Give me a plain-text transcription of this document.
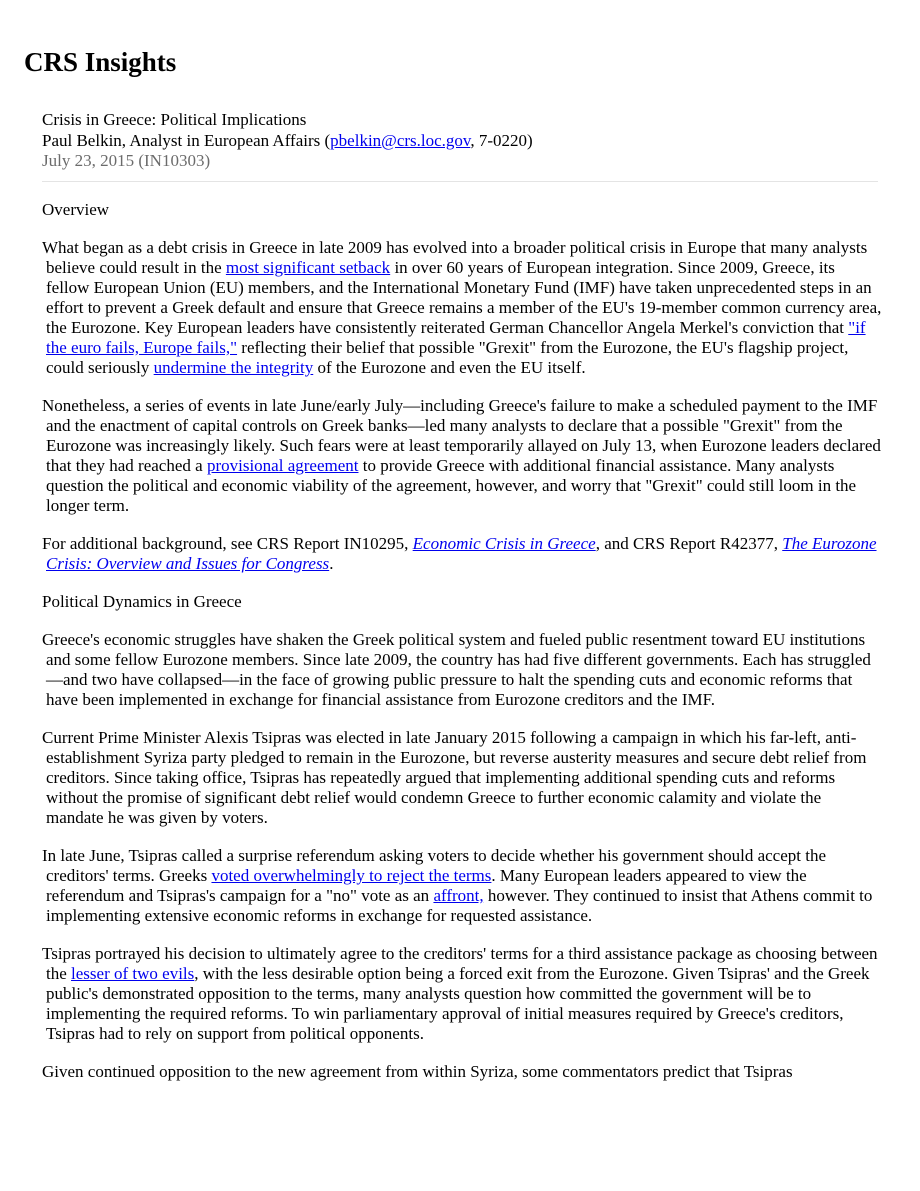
CRS Insights
Crisis in Greece: Political Implications
Paul Belkin, Analyst in European Affairs (pbelkin@crs.loc.gov, 7-0220)
July 23, 2015 (IN10303)

Overview

What began as a debt crisis in Greece in late 2009 has evolved into a broader political crisis in Europe that many analysts believe could result in the most significant setback in over 60 years of European integration. Since 2009, Greece, its fellow European Union (EU) members, and the International Monetary Fund (IMF) have taken unprecedented steps in an effort to prevent a Greek default and ensure that Greece remains a member of the EU's 19-member common currency area, the Eurozone. Key European leaders have consistently reiterated German Chancellor Angela Merkel's conviction that "if the euro fails, Europe fails," reflecting their belief that possible "Grexit" from the Eurozone, the EU's flagship project, could seriously undermine the integrity of the Eurozone and even the EU itself.

Nonetheless, a series of events in late June/early July—including Greece's failure to make a scheduled payment to the IMF and the enactment of capital controls on Greek banks—led many analysts to declare that a possible "Grexit" from the Eurozone was increasingly likely. Such fears were at least temporarily allayed on July 13, when Eurozone leaders declared that they had reached a provisional agreement to provide Greece with additional financial assistance. Many analysts question the political and economic viability of the agreement, however, and worry that "Grexit" could still loom in the longer term.

For additional background, see CRS Report IN10295, Economic Crisis in Greece, and CRS Report R42377, The Eurozone Crisis: Overview and Issues for Congress.

Political Dynamics in Greece

Greece's economic struggles have shaken the Greek political system and fueled public resentment toward EU institutions and some fellow Eurozone members. Since late 2009, the country has had five different governments. Each has struggled—and two have collapsed—in the face of growing public pressure to halt the spending cuts and economic reforms that have been implemented in exchange for financial assistance from Eurozone creditors and the IMF.

Current Prime Minister Alexis Tsipras was elected in late January 2015 following a campaign in which his far-left, anti-establishment Syriza party pledged to remain in the Eurozone, but reverse austerity measures and secure debt relief from creditors. Since taking office, Tsipras has repeatedly argued that implementing additional spending cuts and reforms without the promise of significant debt relief would condemn Greece to further economic calamity and violate the mandate he was given by voters.

In late June, Tsipras called a surprise referendum asking voters to decide whether his government should accept the creditors' terms. Greeks voted overwhelmingly to reject the terms. Many European leaders appeared to view the referendum and Tsipras's campaign for a "no" vote as an affront, however. They continued to insist that Athens commit to implementing extensive economic reforms in exchange for requested assistance.

Tsipras portrayed his decision to ultimately agree to the creditors' terms for a third assistance package as choosing between the lesser of two evils, with the less desirable option being a forced exit from the Eurozone. Given Tsipras' and the Greek public's demonstrated opposition to the terms, many analysts question how committed the government will be to implementing the required reforms. To win parliamentary approval of initial measures required by Greece's creditors, Tsipras had to rely on support from political opponents.

Given continued opposition to the new agreement from within Syriza, some commentators predict that Tsipras
